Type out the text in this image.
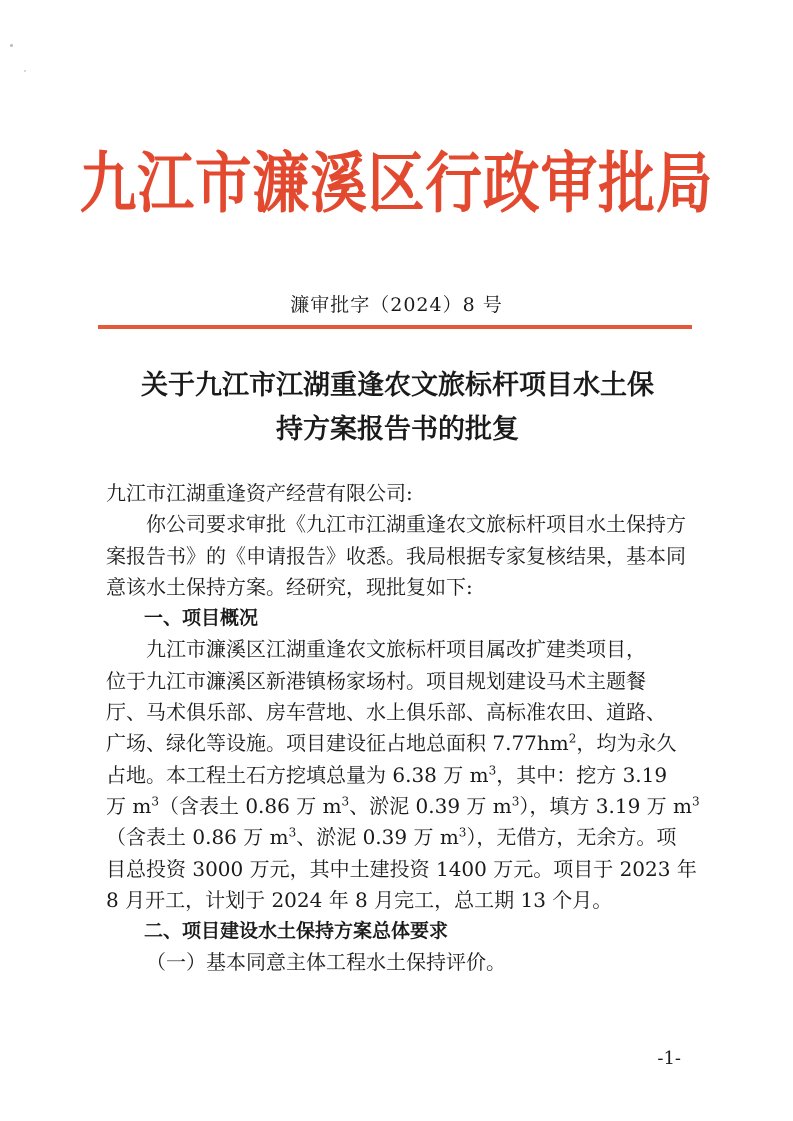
九江市濂溪区行政审批局
濂审批字（2024）8 号
关于九江市江湖重逢农文旅标杆项目水土保
持方案报告书的批复

九江市江湖重逢资产经营有限公司:

你公司要求审批《九江市江湖重逢农文旅标杆项目水土保持方案报告书》的《申请报告》收悉。我局根据专家复核结果，基本同意该水土保持方案。经研究，现批复如下:

一、项目概况

九江市濂溪区江湖重逢农文旅标杆项目属改扩建类项目，
位于九江市濂溪区新港镇杨家场村。项目规划建设马术主题餐
厅、马术俱乐部、房车营地、水上俱乐部、高标准农田、道路、
广场、绿化等设施。项目建设征占地总面积 $7.77hm^2$，均为永久
占地。本工程土石方挖填总量为 6.38 万 $m^3$，其中：挖方 3.19
万 $m^3$（含表土 0.86 万 $m^3$、淤泥 0.39 万 $m^3$），填方 3.19 万 $m^3$
（含表土 0.86 万 $m^3$、淤泥 0.39 万 $m^3$），无借方，无余方。项
目总投资 3000 万元，其中土建投资 1400 万元。项目于 2023 年
8 月开工，计划于 2024 年 8 月完工，总工期 13 个月。

二、项目建设水土保持方案总体要求

（一）基本同意主体工程水土保持评价。

-1-
